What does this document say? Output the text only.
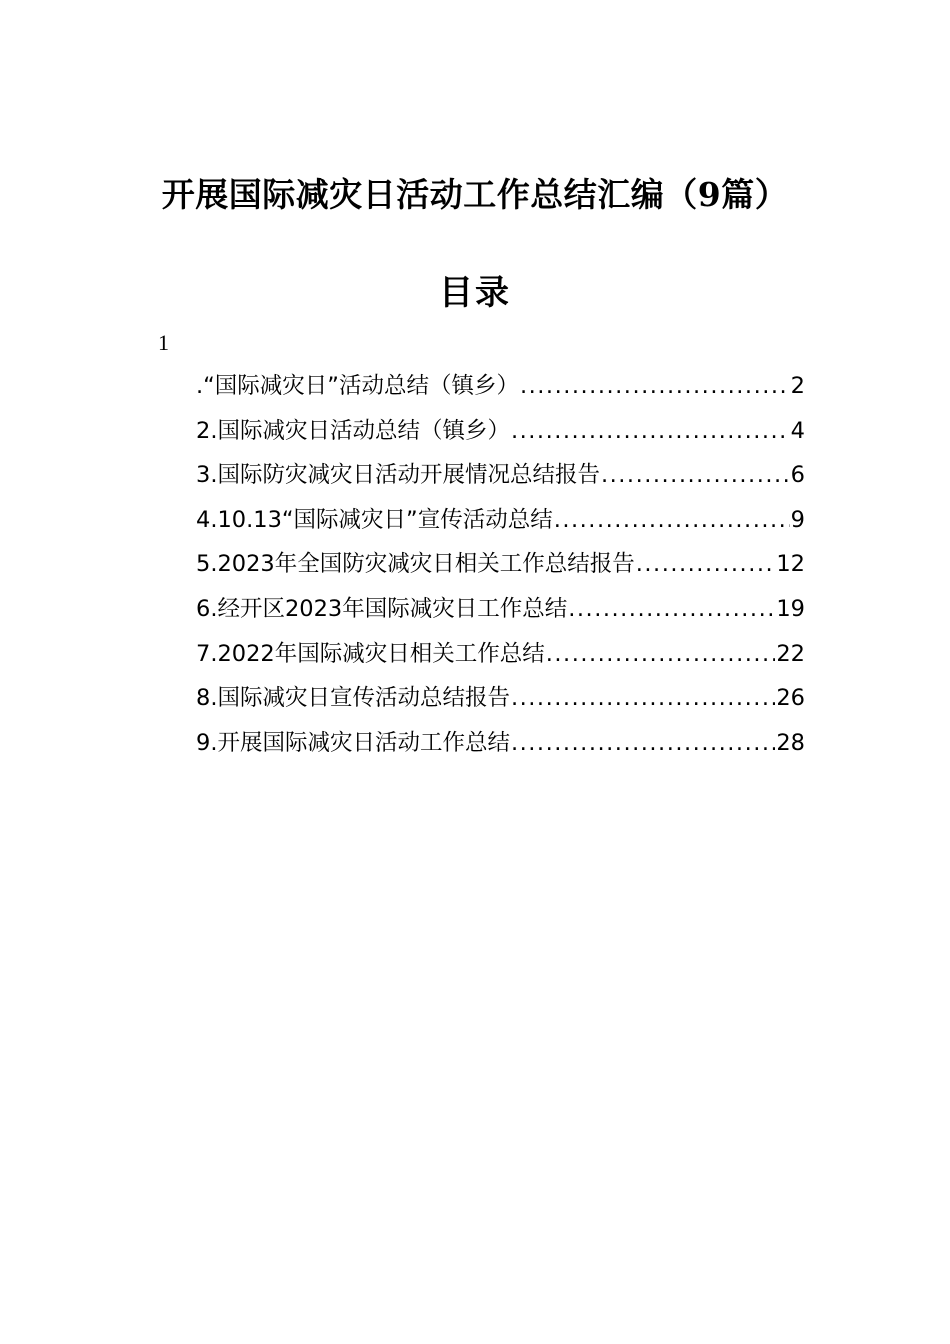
开展国际减灾日活动工作总结汇编（9篇）
目录
1
.“国际减灾日”活动总结（镇乡） .....	2
2.国际减灾日活动总结（镇乡） .....	4
3.国际防灾减灾日活动开展情况总结报告 .....	6
4.10.13“国际减灾日”宣传活动总结 .....	9
5.2023年全国防灾减灾日相关工作总结报告 .....	12
6.经开区2023年国际减灾日工作总结 .....	19
7.2022年国际减灾日相关工作总结 .....	22
8.国际减灾日宣传活动总结报告 .....	26
9.开展国际减灾日活动工作总结 .....	28
